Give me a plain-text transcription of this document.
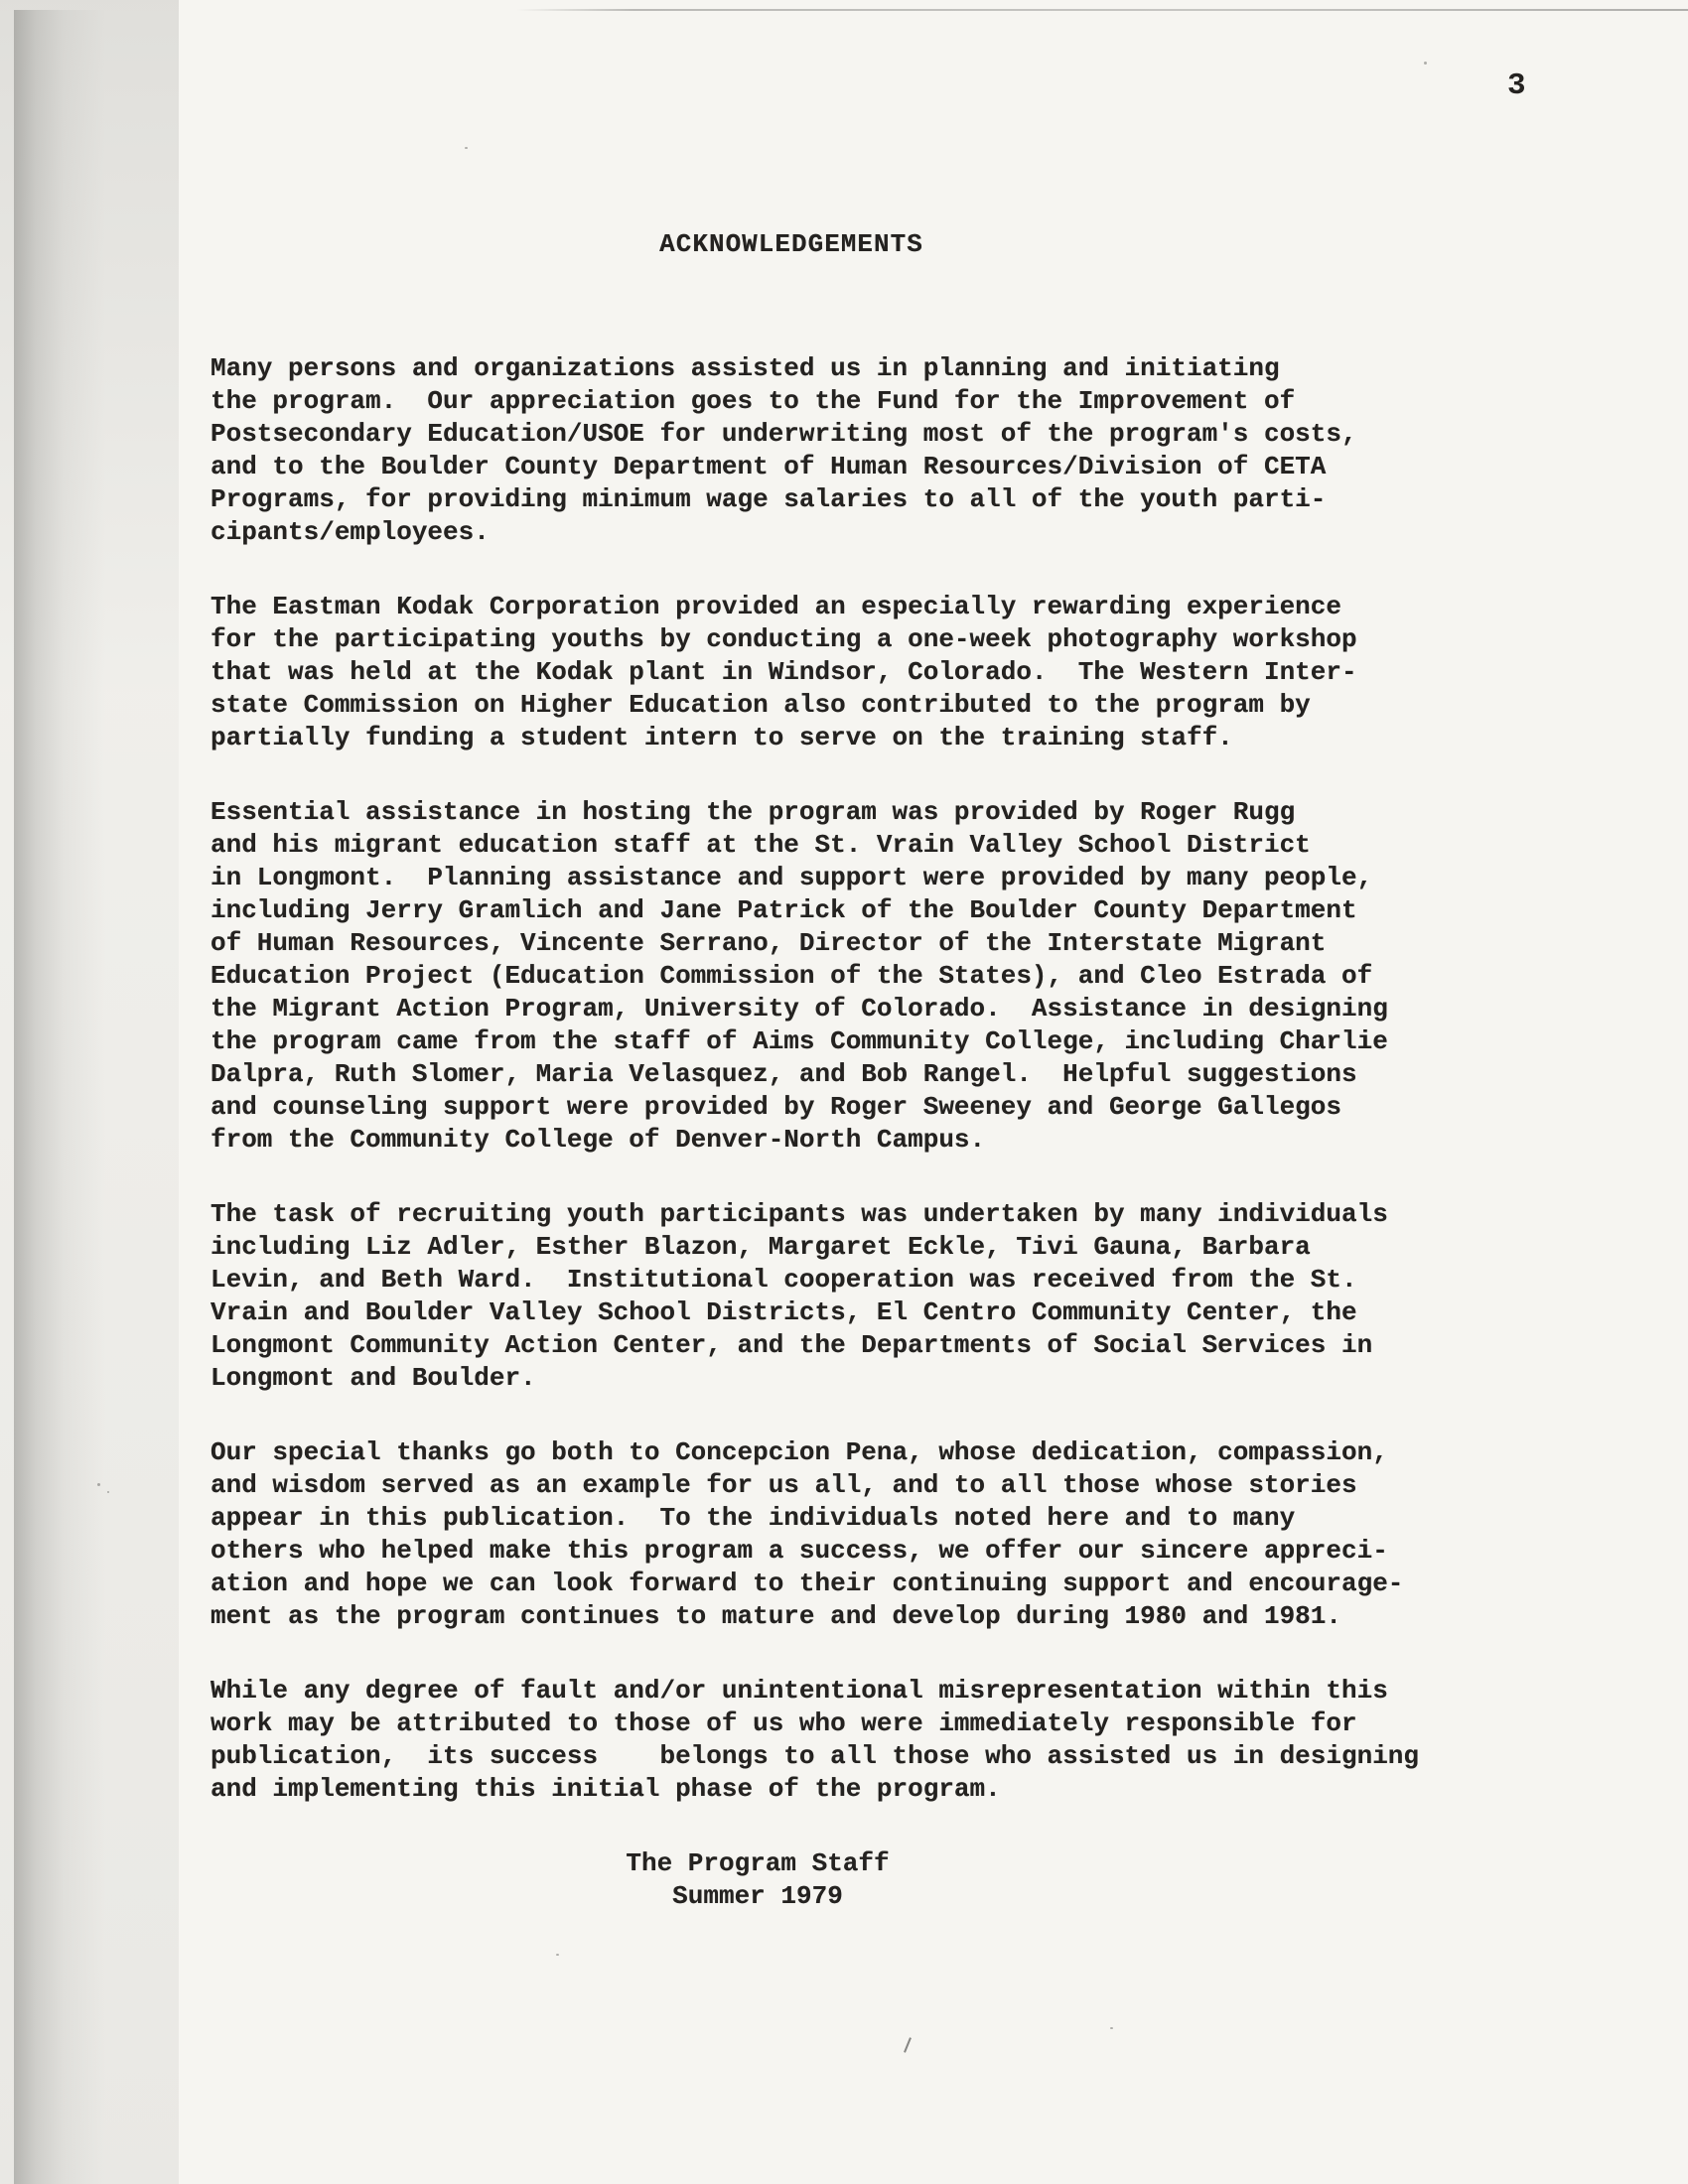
3
ACKNOWLEDGEMENTS
Many persons and organizations assisted us in planning and initiating
the program.  Our appreciation goes to the Fund for the Improvement of
Postsecondary Education/USOE for underwriting most of the program's costs,
and to the Boulder County Department of Human Resources/Division of CETA
Programs, for providing minimum wage salaries to all of the youth parti-
cipants/employees.
The Eastman Kodak Corporation provided an especially rewarding experience
for the participating youths by conducting a one-week photography workshop
that was held at the Kodak plant in Windsor, Colorado.  The Western Inter-
state Commission on Higher Education also contributed to the program by
partially funding a student intern to serve on the training staff.
Essential assistance in hosting the program was provided by Roger Rugg
and his migrant education staff at the St. Vrain Valley School District
in Longmont.  Planning assistance and support were provided by many people,
including Jerry Gramlich and Jane Patrick of the Boulder County Department
of Human Resources, Vincente Serrano, Director of the Interstate Migrant
Education Project (Education Commission of the States), and Cleo Estrada of
the Migrant Action Program, University of Colorado.  Assistance in designing
the program came from the staff of Aims Community College, including Charlie
Dalpra, Ruth Slomer, Maria Velasquez, and Bob Rangel.  Helpful suggestions
and counseling support were provided by Roger Sweeney and George Gallegos
from the Community College of Denver-North Campus.
The task of recruiting youth participants was undertaken by many individuals
including Liz Adler, Esther Blazon, Margaret Eckle, Tivi Gauna, Barbara
Levin, and Beth Ward.  Institutional cooperation was received from the St.
Vrain and Boulder Valley School Districts, El Centro Community Center, the
Longmont Community Action Center, and the Departments of Social Services in
Longmont and Boulder.
Our special thanks go both to Concepcion Pena, whose dedication, compassion,
and wisdom served as an example for us all, and to all those whose stories
appear in this publication.  To the individuals noted here and to many
others who helped make this program a success, we offer our sincere appreci-
ation and hope we can look forward to their continuing support and encourage-
ment as the program continues to mature and develop during 1980 and 1981.
While any degree of fault and/or unintentional misrepresentation within this
work may be attributed to those of us who were immediately responsible for
publication,  its success    belongs to all those who assisted us in designing
and implementing this initial phase of the program.
The Program Staff
Summer 1979
